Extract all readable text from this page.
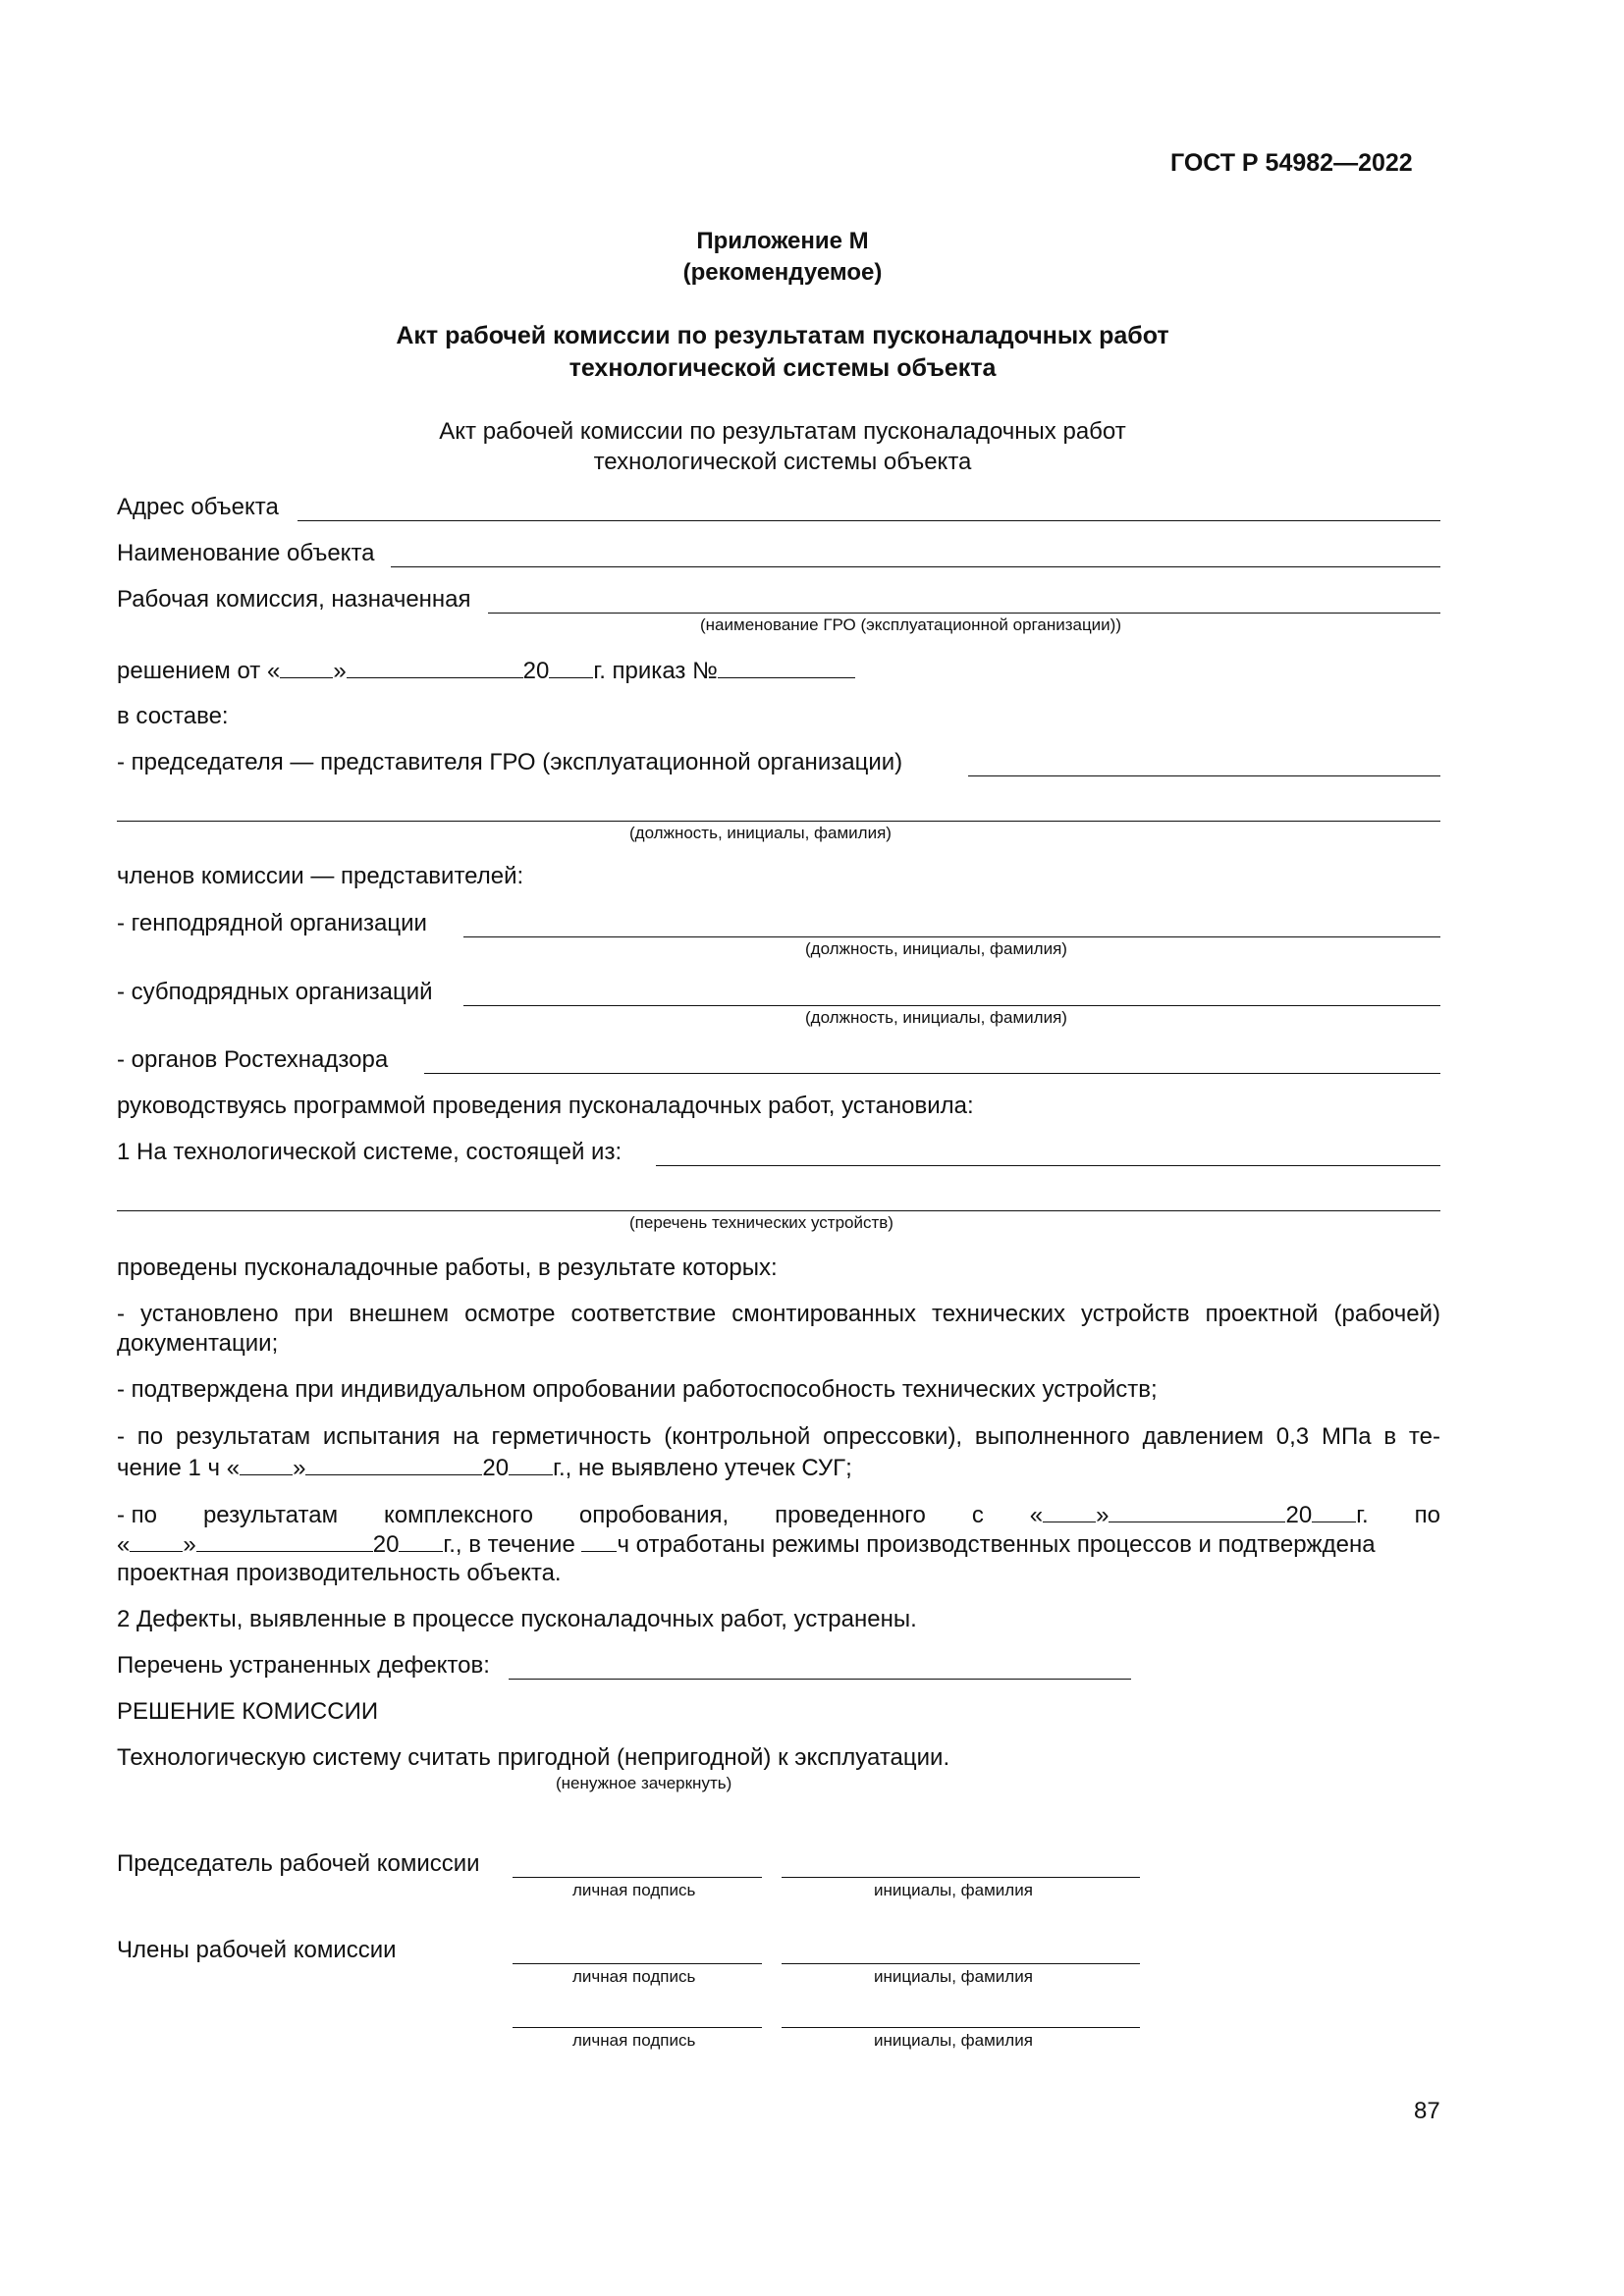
ГОСТ Р 54982—2022
Приложение М
(рекомендуемое)
Акт рабочей комиссии по результатам пусконаладочных работ
технологической системы объекта
Акт рабочей комиссии по результатам пусконаладочных работ
технологической системы объекта
Адрес объекта
Наименование объекта
Рабочая комиссия, назначенная
(наименование ГРО (эксплуатационной организации))
решением от « »	20 г. приказ №
в составе:
- председателя — представителя ГРО (эксплуатационной организации)
(должность, инициалы, фамилия)
членов комиссии — представителей:
- генподрядной организации
(должность, инициалы, фамилия)
- субподрядных организаций
(должность, инициалы, фамилия)
- органов Ростехнадзора
руководствуясь программой проведения пусконаладочных работ, установила:
1 На технологической системе, состоящей из:
(перечень технических устройств)
проведены пусконаладочные работы, в результате которых:
- установлено при внешнем осмотре соответствие смонтированных технических устройств проектной (рабочей)
документации;
- подтверждена при индивидуальном опробовании работоспособность технических устройств;
- по результатам испытания на герметичность (контрольной опрессовки), выполненного давлением 0,3 МПа в те-
чение 1 ч « »	20 г., не выявлено утечек СУГ;
- по результатам комплексного опробования, проведенного с « »	20 г. по
« »	20 г., в течение ч отработаны режимы производственных процессов и подтверждена
проектная производительность объекта.
2 Дефекты, выявленные в процессе пусконаладочных работ, устранены.
Перечень устраненных дефектов:
РЕШЕНИЕ КОМИССИИ
Технологическую систему считать пригодной (непригодной) к эксплуатации.
(ненужное зачеркнуть)
Председатель рабочей комиссии
личная подпись	инициалы, фамилия
Члены рабочей комиссии
личная подпись	инициалы, фамилия
личная подпись	инициалы, фамилия
87
